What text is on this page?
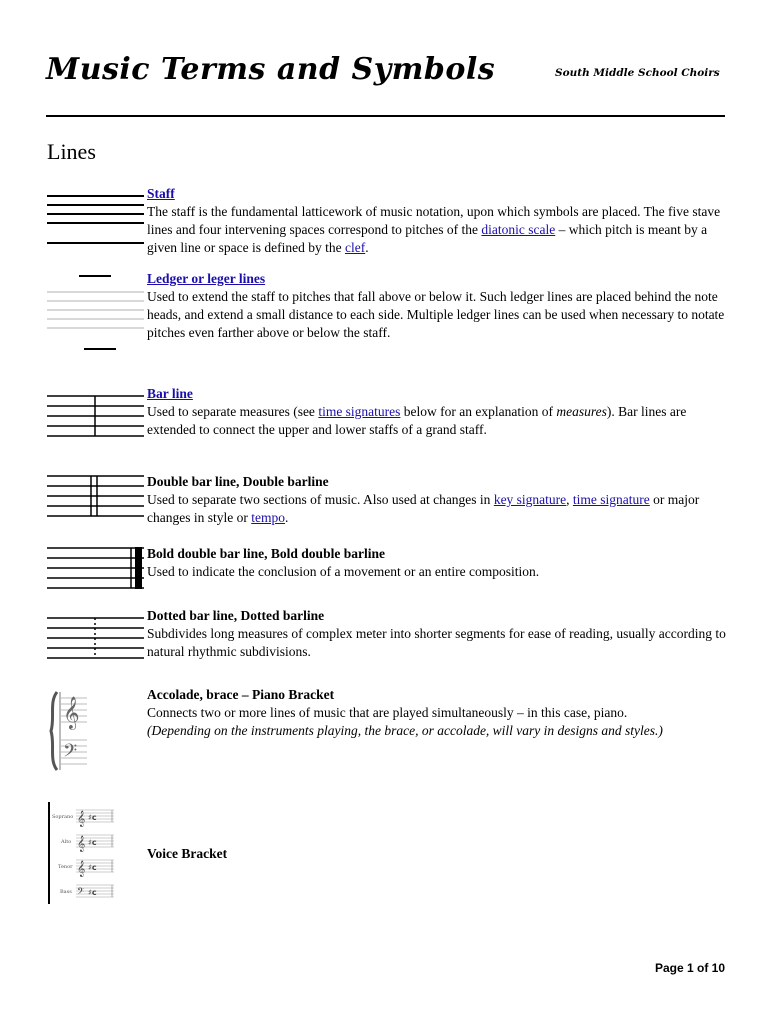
Music Terms and Symbols	South Middle School Choirs
Lines
Staff
The staff is the fundamental latticework of music notation, upon which symbols are placed. The five stave lines and four intervening spaces correspond to pitches of the diatonic scale – which pitch is meant by a given line or space is defined by the clef.
Ledger or leger lines
Used to extend the staff to pitches that fall above or below it. Such ledger lines are placed behind the note heads, and extend a small distance to each side. Multiple ledger lines can be used when necessary to notate pitches even farther above or below the staff.
Bar line
Used to separate measures (see time signatures below for an explanation of measures). Bar lines are extended to connect the upper and lower staffs of a grand staff.
Double bar line, Double barline
Used to separate two sections of music. Also used at changes in key signature, time signature or major changes in style or tempo.
Bold double bar line, Bold double barline
Used to indicate the conclusion of a movement or an entire composition.
Dotted bar line, Dotted barline
Subdivides long measures of complex meter into shorter segments for ease of reading, usually according to natural rhythmic subdivisions.
𝄞
𝄢
Accolade, brace – Piano Bracket
Connects two or more lines of music that are played simultaneously – in this case, piano.
(Depending on the instruments playing, the brace, or accolade, will vary in designs and styles.)
Soprano
Alto
Tenor
Bass
𝄞
𝄞
𝄞
𝄢
♯c
♯c
♯c
♯c
Voice Bracket
Page 1 of 10
